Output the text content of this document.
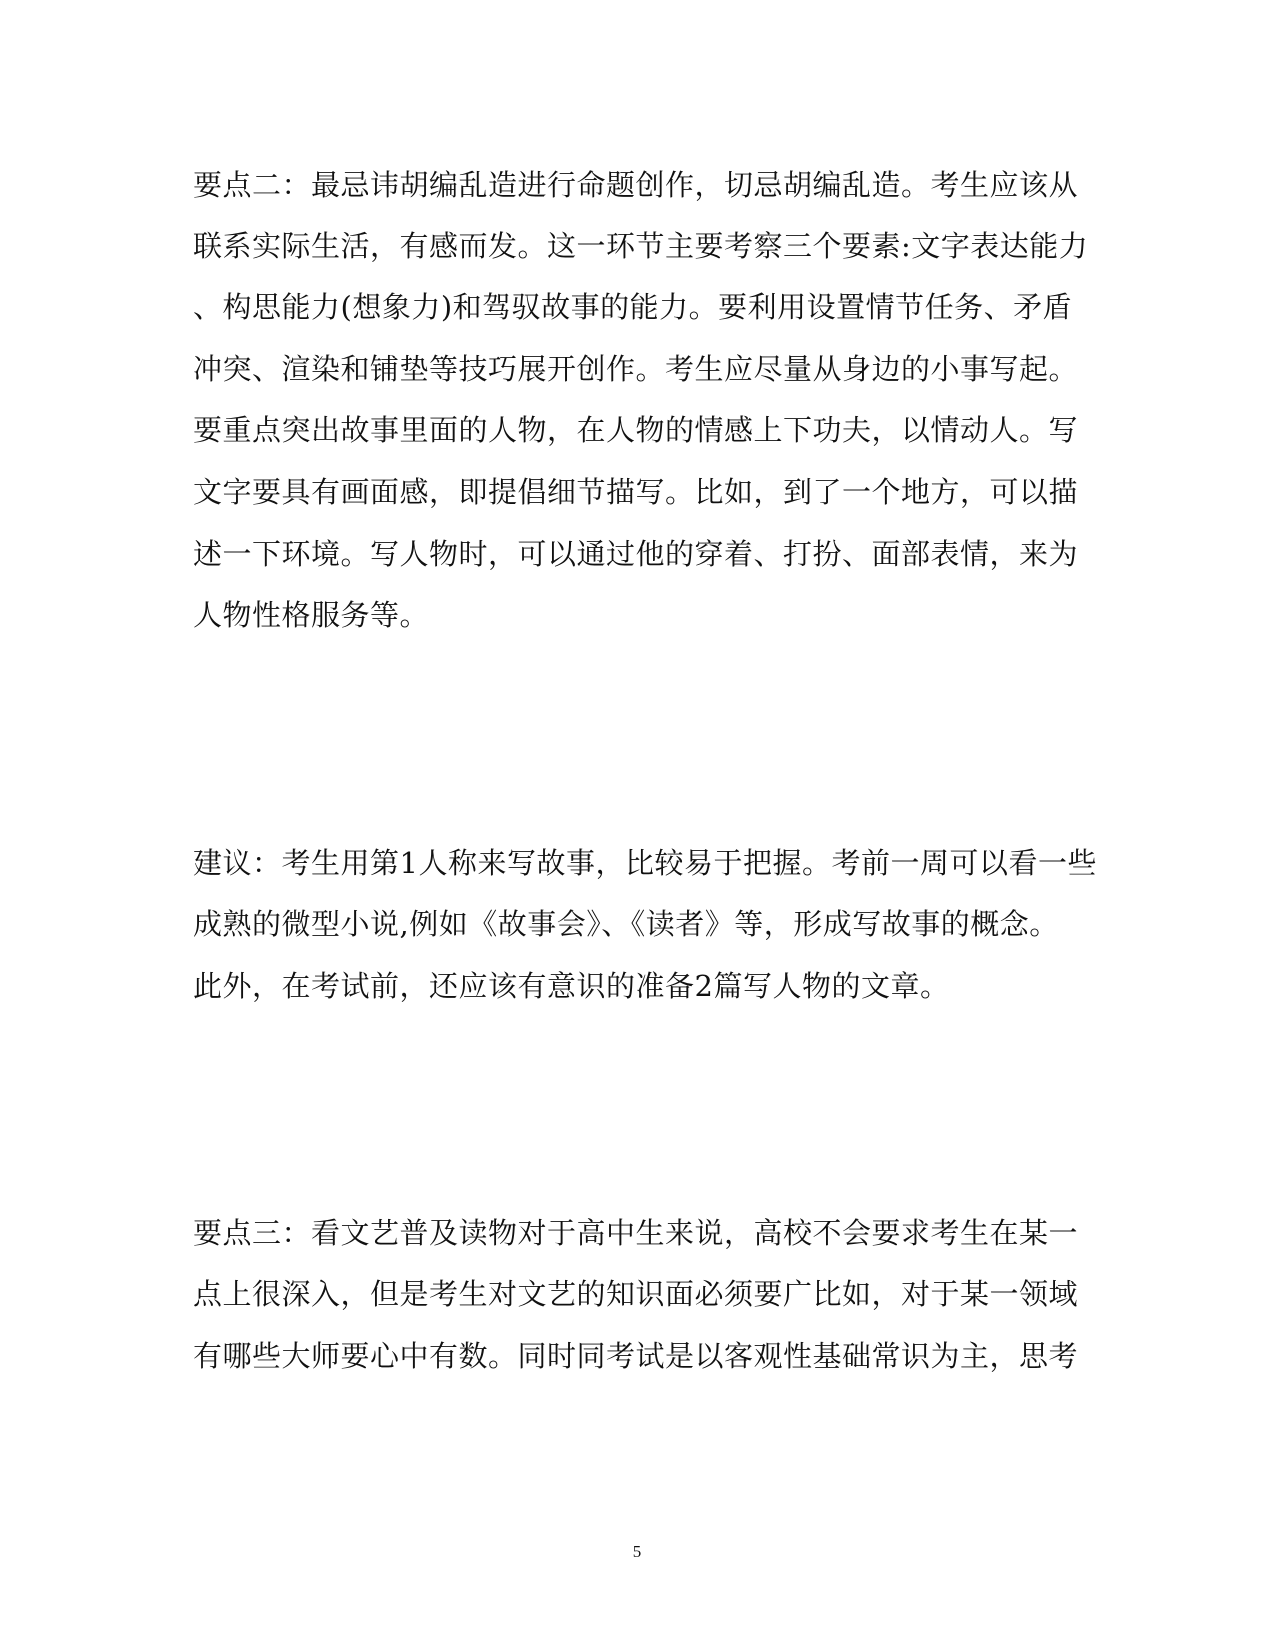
要点二：最忌讳胡编乱造进行命题创作，切忌胡编乱造。考生应该从
联系实际生活，有感而发。这一环节主要考察三个要素:文字表达能力
、构思能力(想象力)和驾驭故事的能力。要利用设置情节任务、矛盾
冲突、渲染和铺垫等技巧展开创作。考生应尽量从身边的小事写起。
要重点突出故事里面的人物，在人物的情感上下功夫，以情动人。写
文字要具有画面感，即提倡细节描写。比如，到了一个地方，可以描
述一下环境。写人物时，可以通过他的穿着、打扮、面部表情，来为
人物性格服务等。
建议：考生用第1人称来写故事，比较易于把握。考前一周可以看一些
成熟的微型小说,例如《故事会》、《读者》等，形成写故事的概念。
此外，在考试前，还应该有意识的准备2篇写人物的文章。
要点三：看文艺普及读物对于高中生来说，高校不会要求考生在某一
点上很深入，但是考生对文艺的知识面必须要广比如，对于某一领域
有哪些大师要心中有数。同时同考试是以客观性基础常识为主，思考
5
